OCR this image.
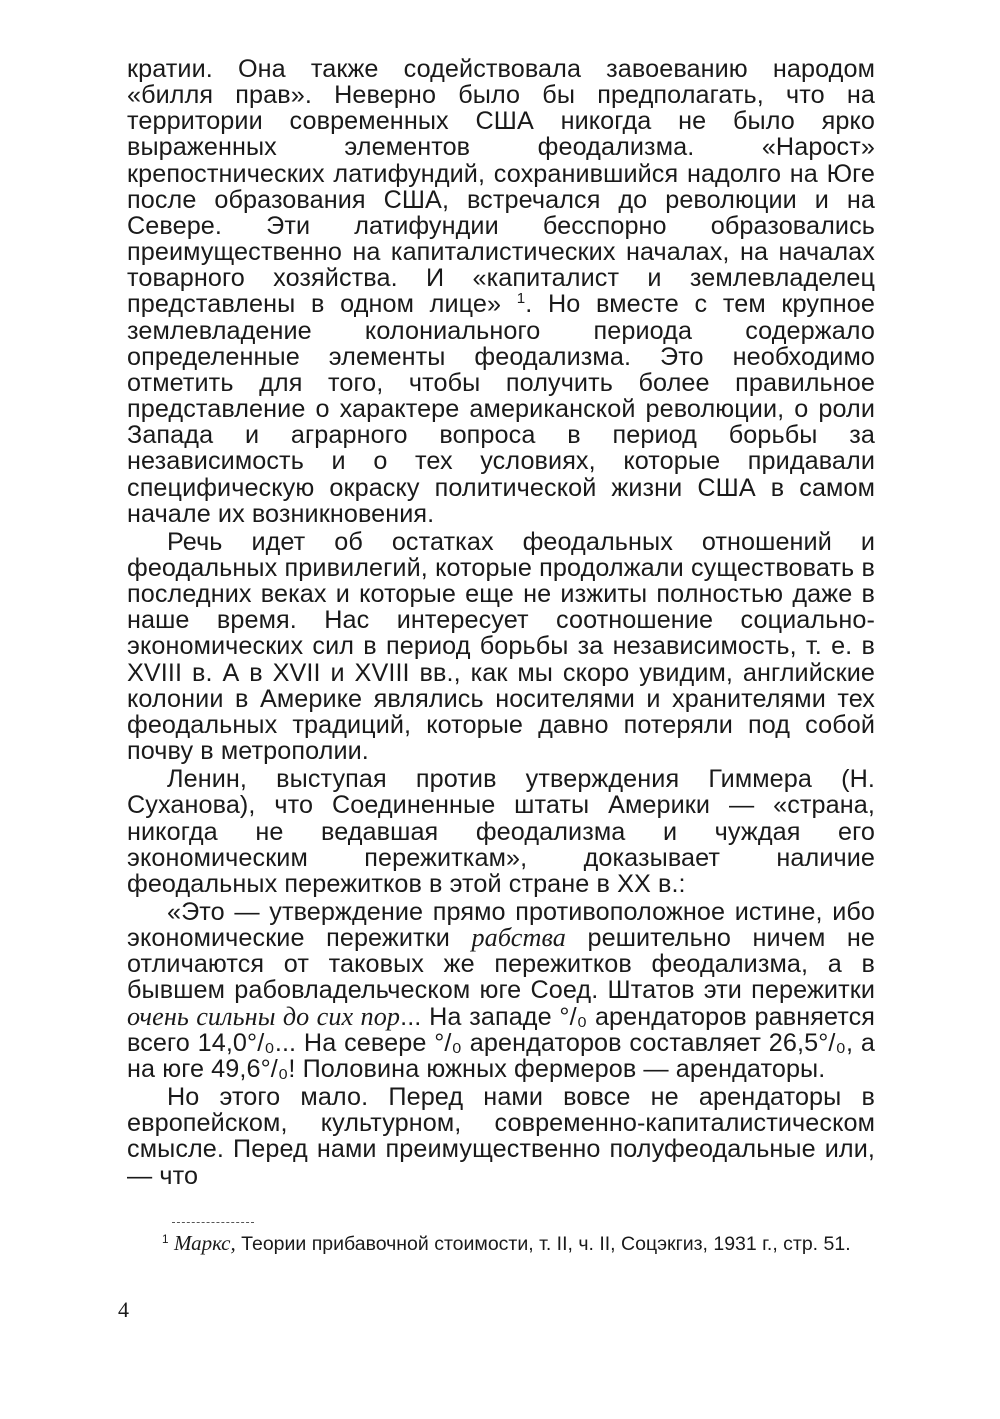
кратии. Она также содействовала завоеванию народом «билля прав». Неверно было бы предполагать, что на территории современных США никогда не было ярко выраженных элементов феодализма. «Нарост» крепостнических латифундий, сохранившийся надолго на Юге после образования США, встречался до революции и на Севере. Эти латифундии бесспорно образовались преимущественно на капиталистических началах, на началах товарного хозяйства. И «капиталист и землевладелец представлены в одном лице» $^1$. Но вместе с тем крупное землевладение колониального периода содержало определенные элементы феодализма. Это необходимо отметить для того, чтобы получить более правильное представление о характере американской революции, о роли Запада и аграрного вопроса в период борьбы за независимость и о тех условиях, которые придавали специфическую окраску политической жизни США в самом начале их возникновения.

Речь идет об остатках феодальных отношений и феодальных привилегий, которые продолжали существовать в последних веках и которые еще не изжиты полностью даже в наше время. Нас интересует соотношение социально-экономических сил в период борьбы за независимость, т. е. в XVIII в. А в XVII и XVIII вв., как мы скоро увидим, английские колонии в Америке являлись носителями и хранителями тех феодальных традиций, которые давно потеряли под собой почву в метрополии.

Ленин, выступая против утверждения Гиммера (Н. Суханова), что Соединенные штаты Америки — «страна, никогда не ведавшая феодализма и чуждая его экономическим пережиткам», доказывает наличие феодальных пережитков в этой стране в XX в.:

«Это — утверждение прямо противоположное истине, ибо экономические пережитки рабства решительно ничем не отличаются от таковых же пережитков феодализма, а в бывшем рабовладельческом юге Соед. Штатов эти пережитки очень сильны до сих пор... На западе °/₀ арендаторов равняется всего 14,0°/₀... На севере °/₀ арендаторов составляет 26,5°/₀, а на юге 49,6°/₀! Половина южных фермеров — арендаторы.

Но этого мало. Перед нами вовсе не арендаторы в европейском, культурном, современно-капиталистическом смысле. Перед нами преимущественно полуфеодальные или, — что

$^1$ Маркс, Теории прибавочной стоимости, т. II, ч. II, Соцэкгиз, 1931 г., стр. 51.
4
